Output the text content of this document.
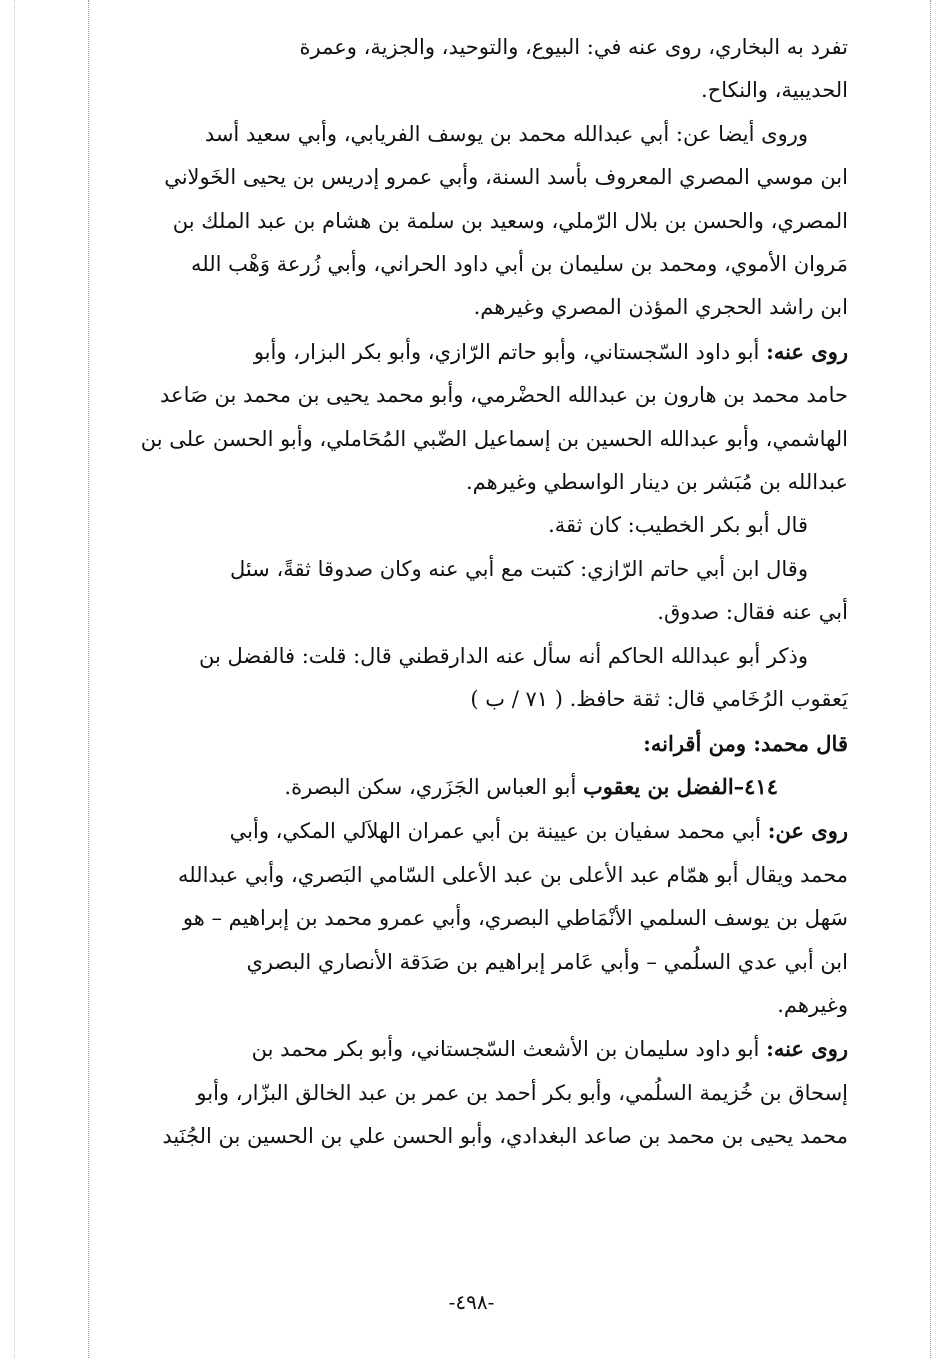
تفرد به البخاري، روى عنه في: البيوع، والتوحيد، والجزية، وعمرة
الحديبية، والنكاح.
وروى أيضا عن: أبي عبدالله محمد بن يوسف الفريابي، وأبي سعيد أسد
ابن موسي المصري المعروف بأسد السنة، وأبي عمرو إدريس بن يحيى الخَولاني
المصري، والحسن بن بلال الرّملي، وسعيد بن سلمة بن هشام بن عبد الملك بن
مَروان الأموي، ومحمد بن سليمان بن أبي داود الحراني، وأبي زُرعة وَهْب الله
ابن راشد الحجري المؤذن المصري وغيرهم.
روى عنه: أبو داود السّجستاني، وأبو حاتم الرّازي، وأبو بكر البزار، وأبو
حامد محمد بن هارون بن عبدالله الحضْرمي، وأبو محمد يحيى بن محمد بن صَاعد
الهاشمي، وأبو عبدالله الحسين بن إسماعيل الضّبي المُحَاملي، وأبو الحسن على بن
عبدالله بن مُبَشر بن دينار الواسطي وغيرهم.
قال أبو بكر الخطيب: كان ثقة.
وقال ابن أبي حاتم الرّازي: كتبت مع أبي عنه وكان صدوقا ثقةً، سئل
أبي عنه فقال: صدوق.
وذكر أبو عبدالله الحاكم أنه سأل عنه الدارقطني قال: قلت: فالفضل بن
يَعقوب الرُخَامي قال: ثقة حافظ. ( ٧١ / ب )
قال محمد: ومن أقرانه:
٤١٤–الفضل بن يعقوب أبو العباس الجَزَري، سكن البصرة.
روى عن: أبي محمد سفيان بن عيينة بن أبي عمران الهلاَلي المكي، وأبي
محمد ويقال أبو همّام عبد الأعلى بن عبد الأعلى السّامي البَصري، وأبي عبدالله
سَهل بن يوسف السلمي الأنْمَاطي البصري، وأبي عمرو محمد بن إبراهيم – هو
ابن أبي عدي السلُمي – وأبي عَامر إبراهيم بن صَدَقة الأنصاري البصري
وغيرهم.
روى عنه: أبو داود سليمان بن الأشعث السّجستاني، وأبو بكر محمد بن
إسحاق بن خُزيمة السلُمي، وأبو بكر أحمد بن عمر بن عبد الخالق البزّار، وأبو
محمد يحيى بن محمد بن صاعد البغدادي، وأبو الحسن علي بن الحسين بن الجُنَيد
-٤٩٨-
